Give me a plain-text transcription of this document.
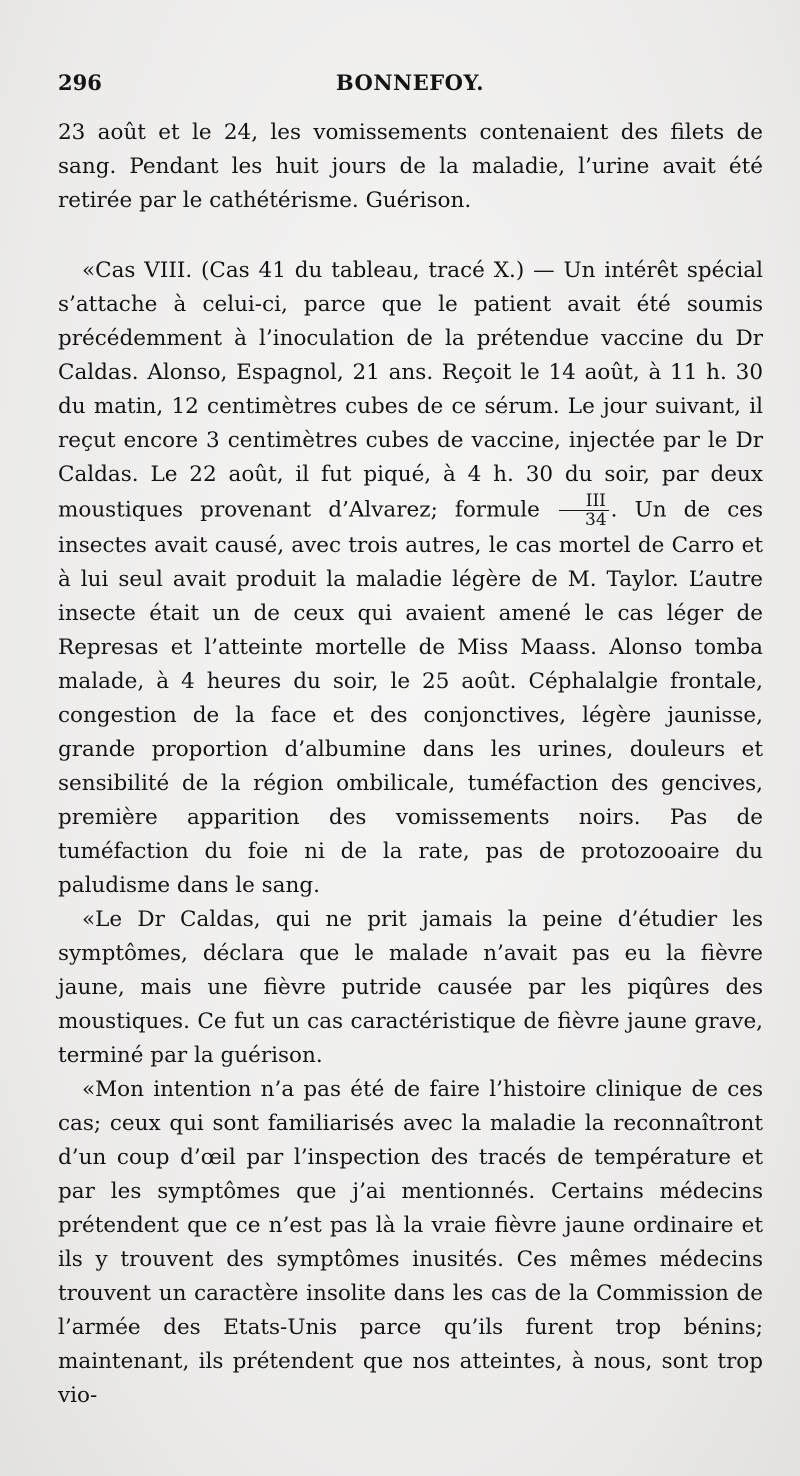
296	BONNEFOY.

23 août et le 24, les vomissements contenaient des filets de sang. Pendant les huit jours de la maladie, l’urine avait été retirée par le cathétérisme. Guérison.

«Cas VIII. (Cas 41 du tableau, tracé X.) — Un intérêt spécial s’attache à celui-ci, parce que le patient avait été soumis précédemment à l’inoculation de la prétendue vaccine du Dr Caldas. Alonso, Espagnol, 21 ans. Reçoit le 14 août, à 11 h. 30 du matin, 12 centimètres cubes de ce sérum. Le jour suivant, il reçut encore 3 centimètres cubes de vaccine, injectée par le Dr Caldas. Le 22 août, il fut piqué, à 4 h. 30 du soir, par deux moustiques provenant d’Alvarez; formule $\frac{\text{III}}{34}$ . Un de ces insectes avait causé, avec trois autres, le cas mortel de Carro et à lui seul avait produit la maladie légère de M. Taylor. L’autre insecte était un de ceux qui avaient amené le cas léger de Represas et l’atteinte mortelle de Miss Maass. Alonso tomba malade, à 4 heures du soir, le 25 août. Céphalalgie frontale, congestion de la face et des conjonctives, légère jaunisse, grande proportion d’albumine dans les urines, douleurs et sensibilité de la région ombilicale, tuméfaction des gencives, première apparition des vomissements noirs. Pas de tuméfaction du foie ni de la rate, pas de protozooaire du paludisme dans le sang.

«Le Dr Caldas, qui ne prit jamais la peine d’étudier les symptômes, déclara que le malade n’avait pas eu la fièvre jaune, mais une fièvre putride causée par les piqûres des moustiques. Ce fut un cas caractéristique de fièvre jaune grave, terminé par la guérison.

«Mon intention n’a pas été de faire l’histoire clinique de ces cas; ceux qui sont familiarisés avec la maladie la reconnaîtront d’un coup d’œil par l’inspection des tracés de température et par les symptômes que j’ai mentionnés. Certains médecins prétendent que ce n’est pas là la vraie fièvre jaune ordinaire et ils y trouvent des symptômes inusités. Ces mêmes médecins trouvent un caractère insolite dans les cas de la Commission de l’armée des Etats-Unis parce qu’ils furent trop bénins; maintenant, ils prétendent que nos atteintes, à nous, sont trop vio-
